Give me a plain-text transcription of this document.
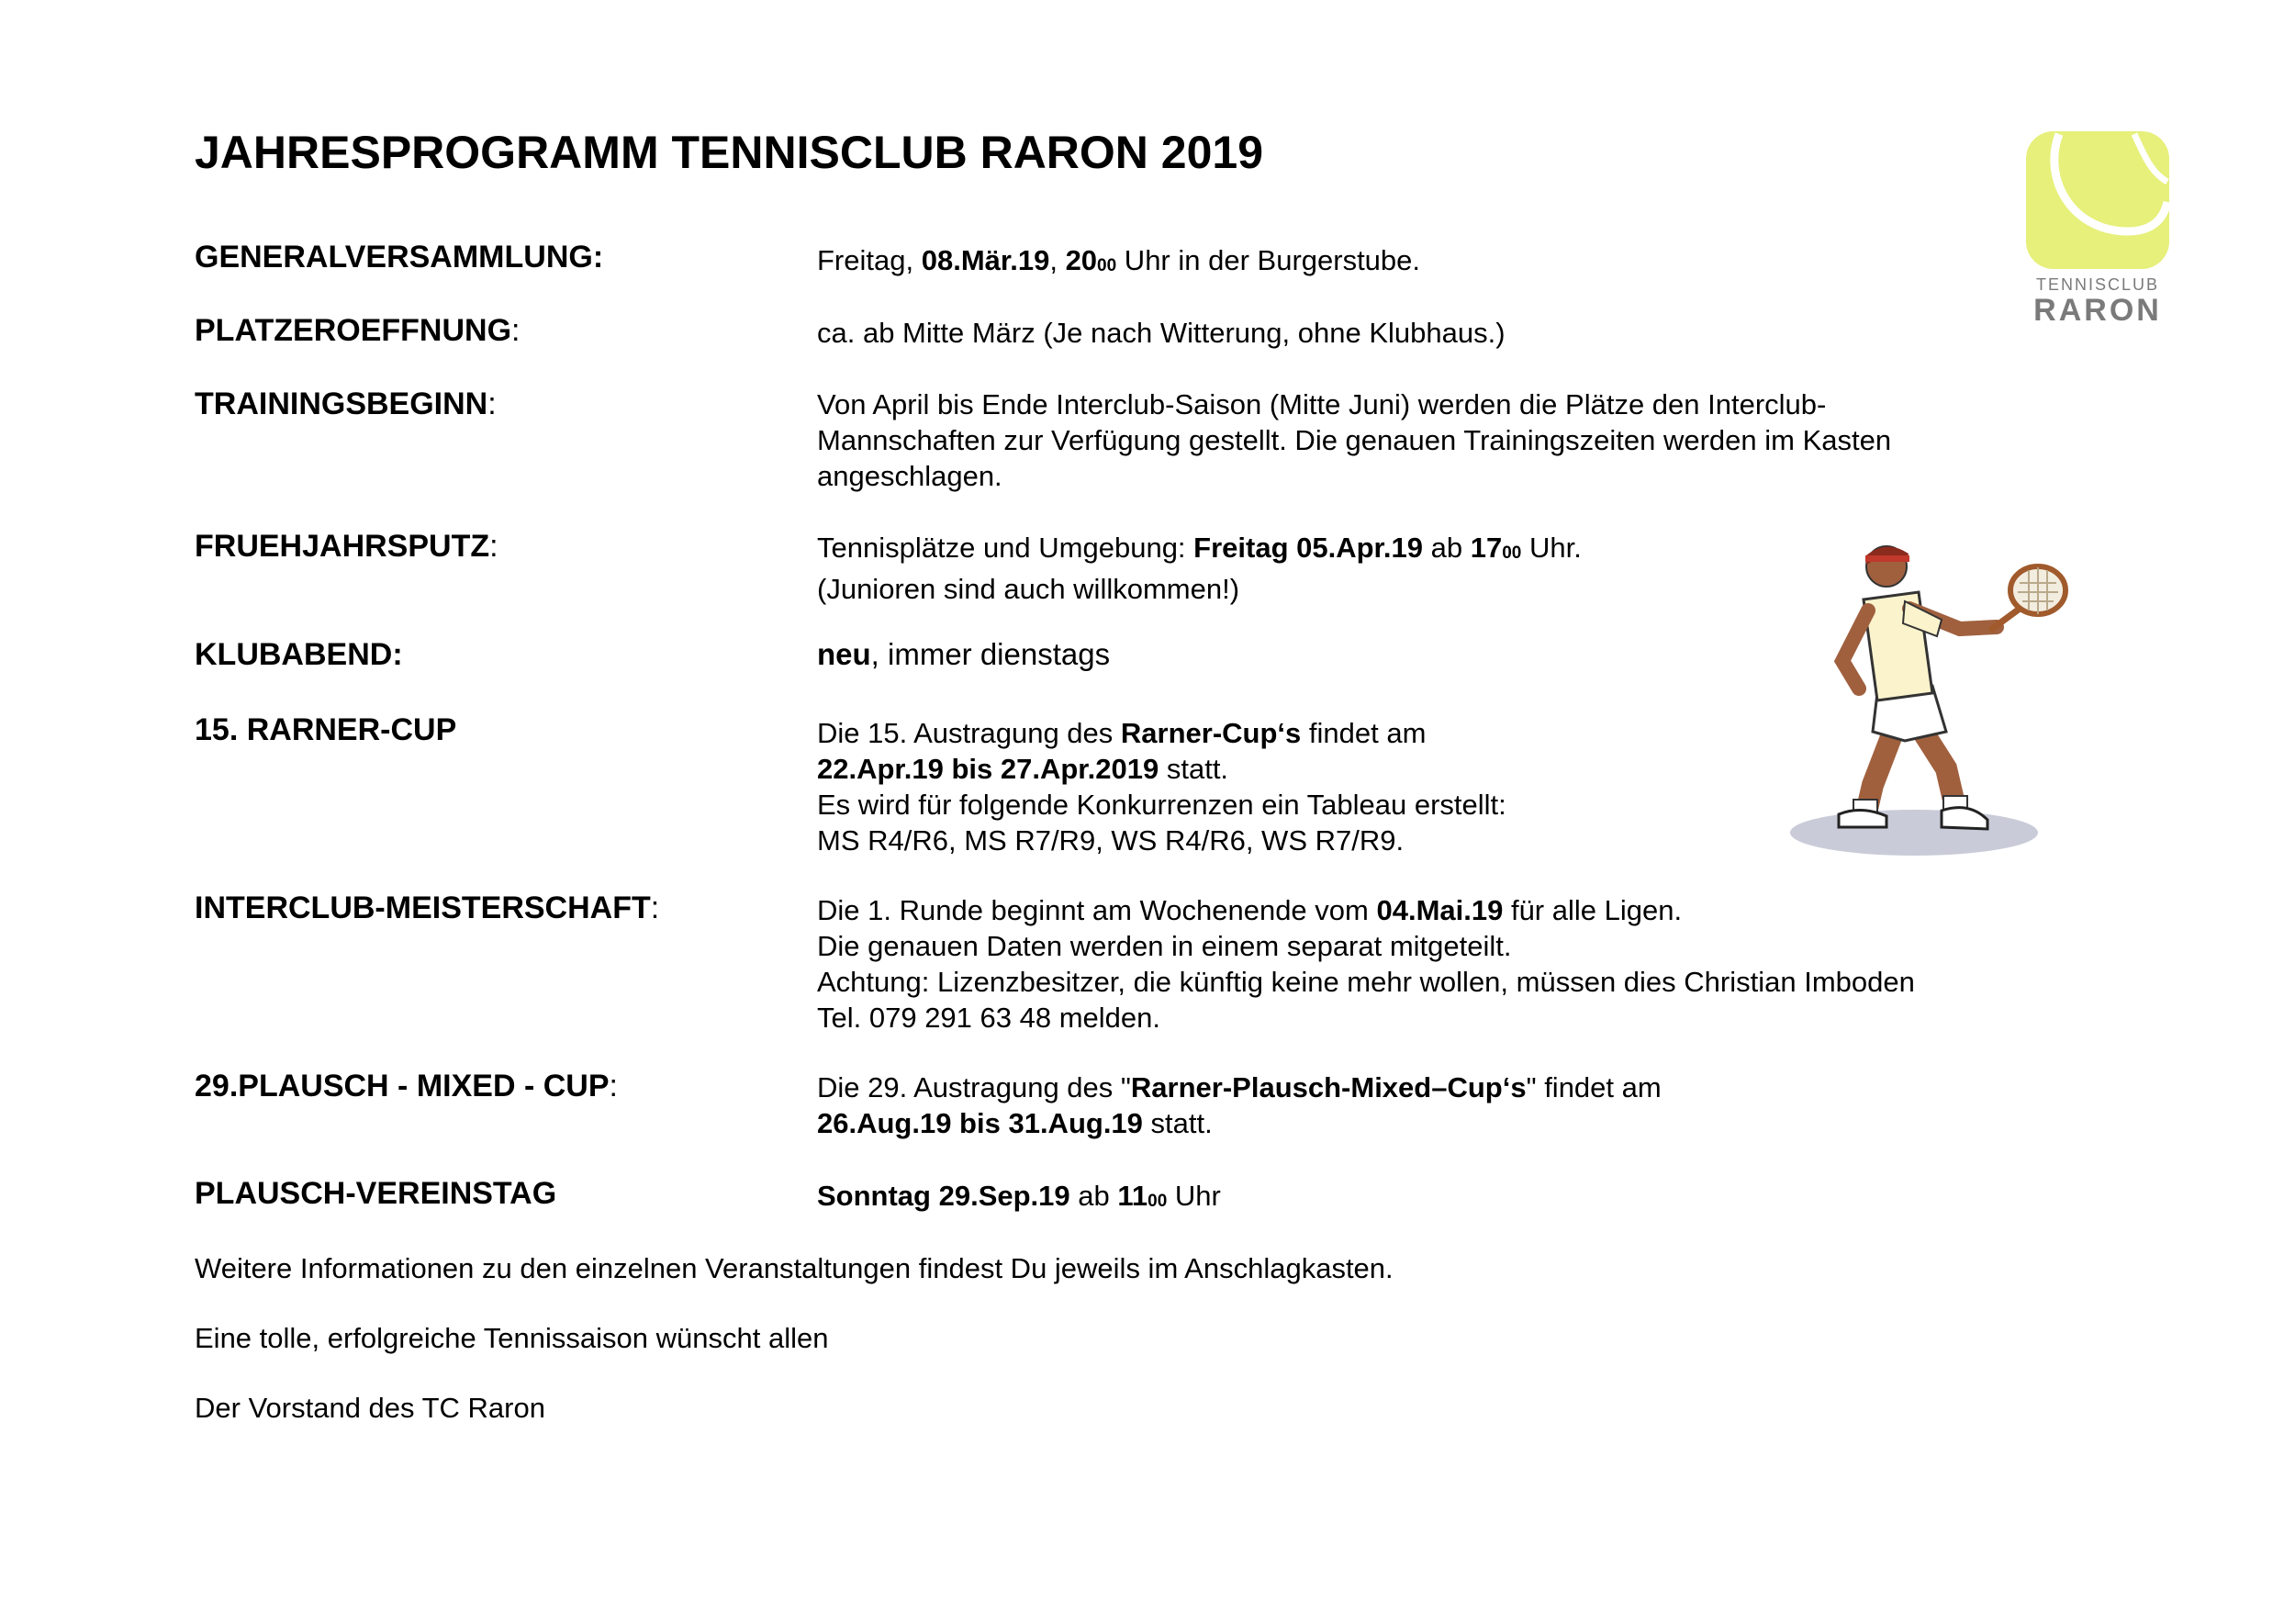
JAHRESPROGRAMM TENNISCLUB RARON 2019
TENNISCLUB
RARON
GENERALVERSAMMLUNG:	Freitag, 08.Mär.19, 2000 Uhr in der Burgerstube.
PLATZEROEFFNUNG:	ca. ab Mitte März (Je nach Witterung, ohne Klubhaus.)
TRAININGSBEGINN:	Von April bis Ende Interclub-Saison (Mitte Juni) werden die Plätze den Interclub-
Mannschaften zur Verfügung gestellt. Die genauen Trainingszeiten werden im Kasten
angeschlagen.
FRUEHJAHRSPUTZ:	Tennisplätze und Umgebung: Freitag 05.Apr.19 ab 1700 Uhr.
(Junioren sind auch willkommen!)
KLUBABEND:	neu, immer dienstags
15. RARNER-CUP	Die 15. Austragung des Rarner-Cup‘s findet am
22.Apr.19 bis 27.Apr.2019 statt.
Es wird für folgende Konkurrenzen ein Tableau erstellt:
MS R4/R6, MS R7/R9, WS R4/R6, WS R7/R9.
INTERCLUB-MEISTERSCHAFT:	Die 1. Runde beginnt am Wochenende vom 04.Mai.19 für alle Ligen.
Die genauen Daten werden in einem separat mitgeteilt.
Achtung: Lizenzbesitzer, die künftig keine mehr wollen, müssen dies Christian Imboden
Tel. 079 291 63 48 melden.
29.PLAUSCH - MIXED - CUP:	Die 29. Austragung des "Rarner-Plausch-Mixed–Cup‘s" findet am
26.Aug.19 bis 31.Aug.19 statt.
PLAUSCH-VEREINSTAG	Sonntag 29.Sep.19 ab 1100 Uhr
Weitere Informationen zu den einzelnen Veranstaltungen findest Du jeweils im Anschlagkasten.
Eine tolle, erfolgreiche Tennissaison wünscht allen
Der Vorstand des TC Raron
